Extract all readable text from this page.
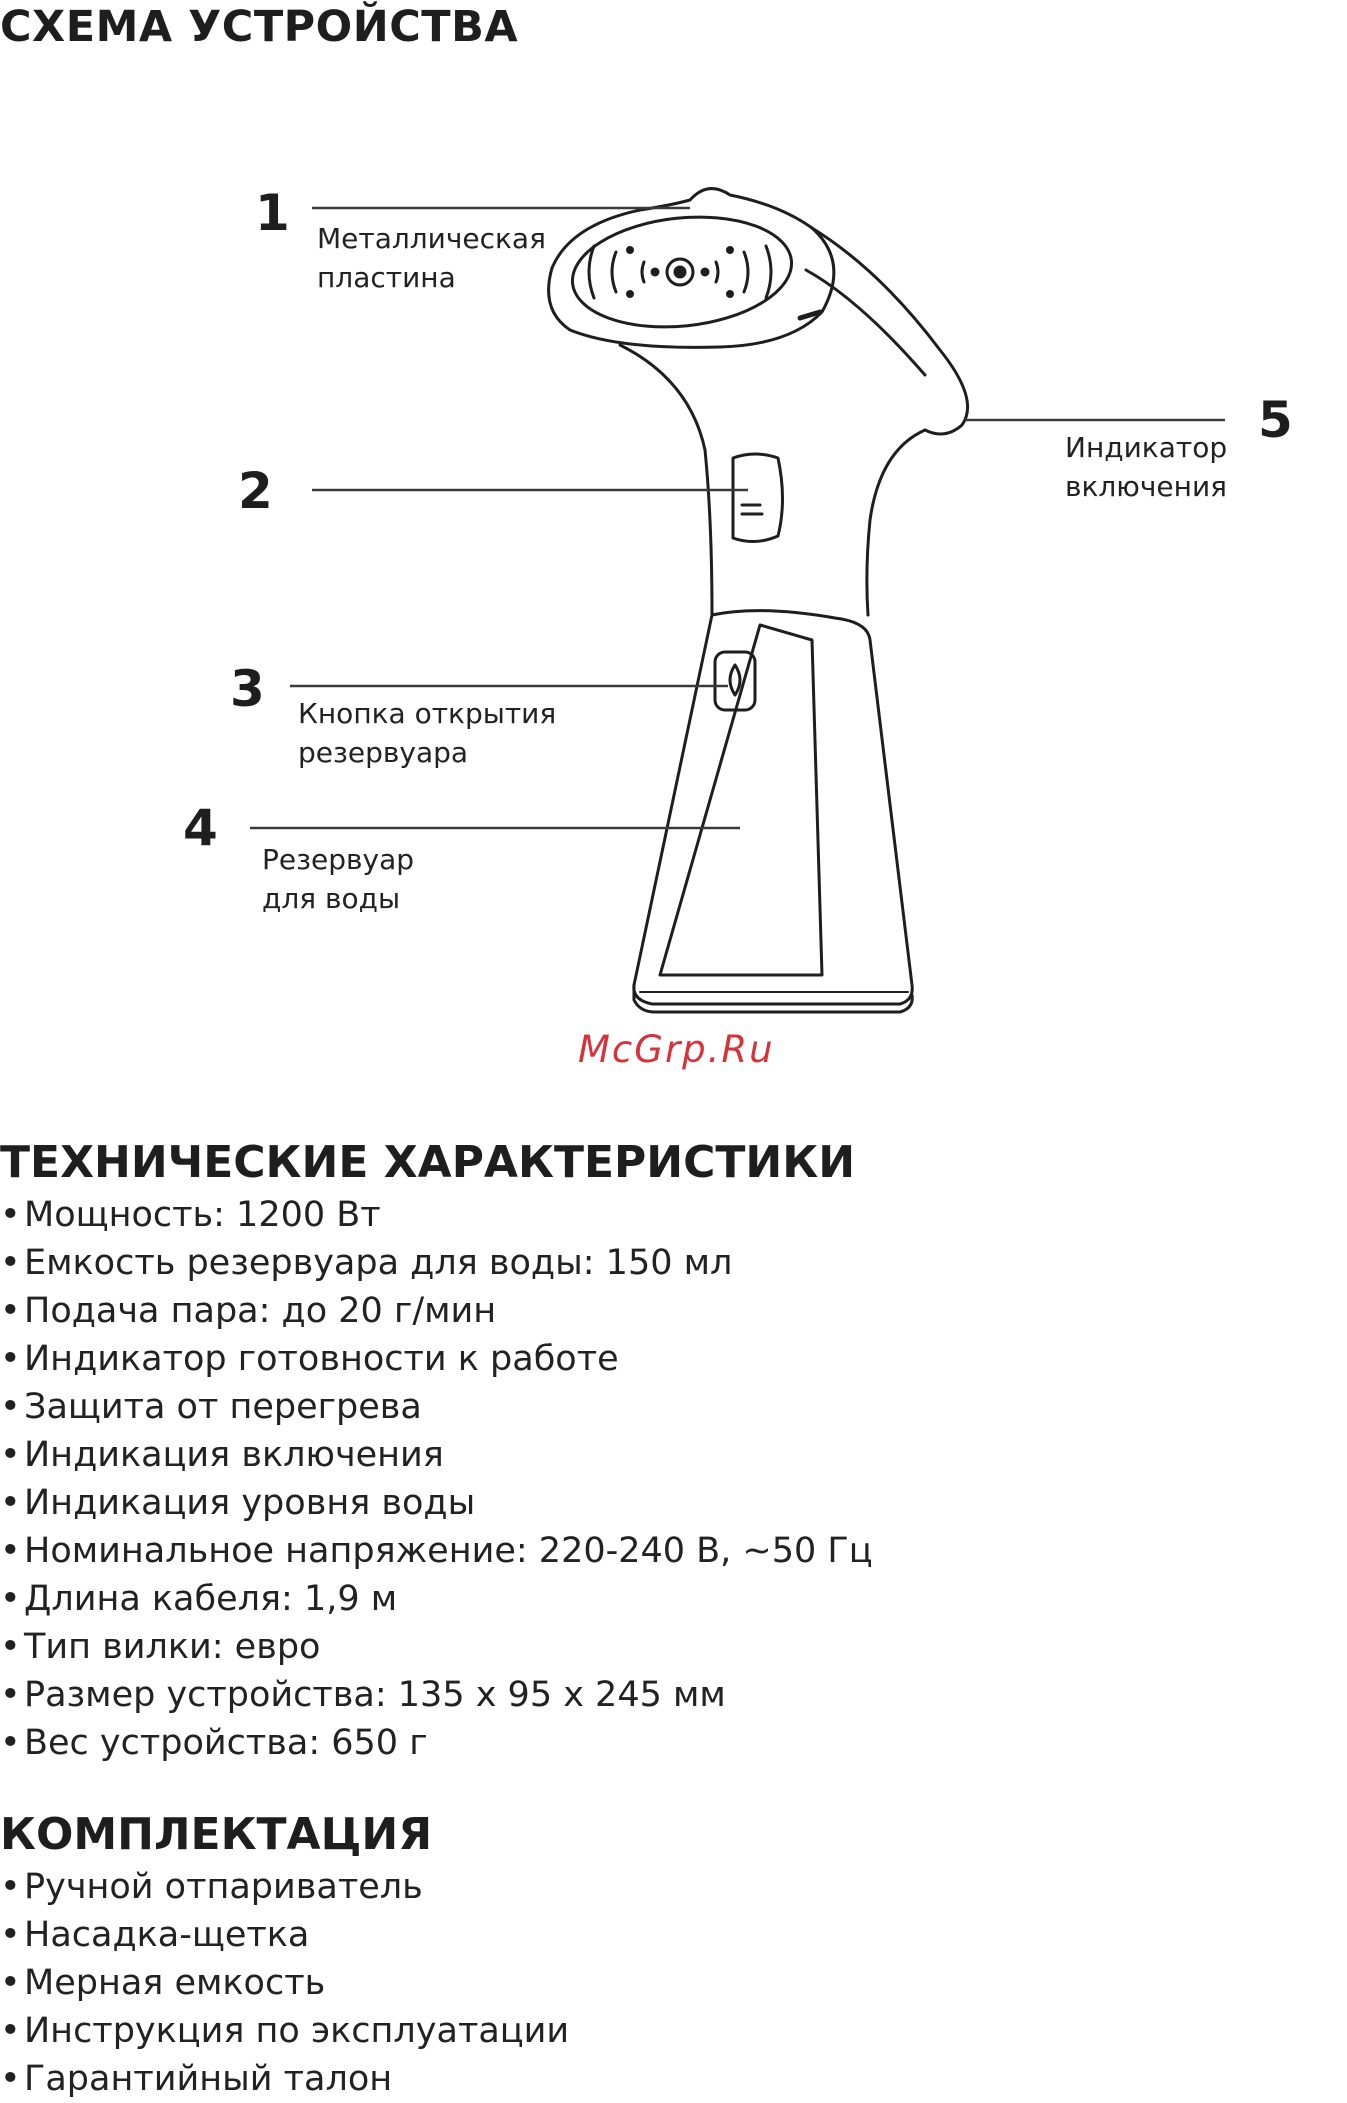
СХЕМА УСТРОЙСТВА
1 Металлическая
пластина
2
3 Кнопка открытия
резервуара
4
Резервуар
для воды
5
Индикатор
включения
McGrp.Ru
ТЕХНИЧЕСКИЕ ХАРАКТЕРИСТИКИ
• Мощность: 1200 Вт
• Емкость резервуара для воды: 150 мл
• Подача пара: до 20 г/мин
• Индикатор готовности к работе
• Защита от перегрева
• Индикация включения
• Индикация уровня воды
• Номинальное напряжение: 220-240 В, ~50 Гц
• Длина кабеля: 1,9 м
• Тип вилки: евро
• Размер устройства: 135 х 95 х 245 мм
• Вес устройства: 650 г
КОМПЛЕКТАЦИЯ
• Ручной отпариватель
• Насадка-щетка
• Мерная емкость
• Инструкция по эксплуатации
• Гарантийный талон
